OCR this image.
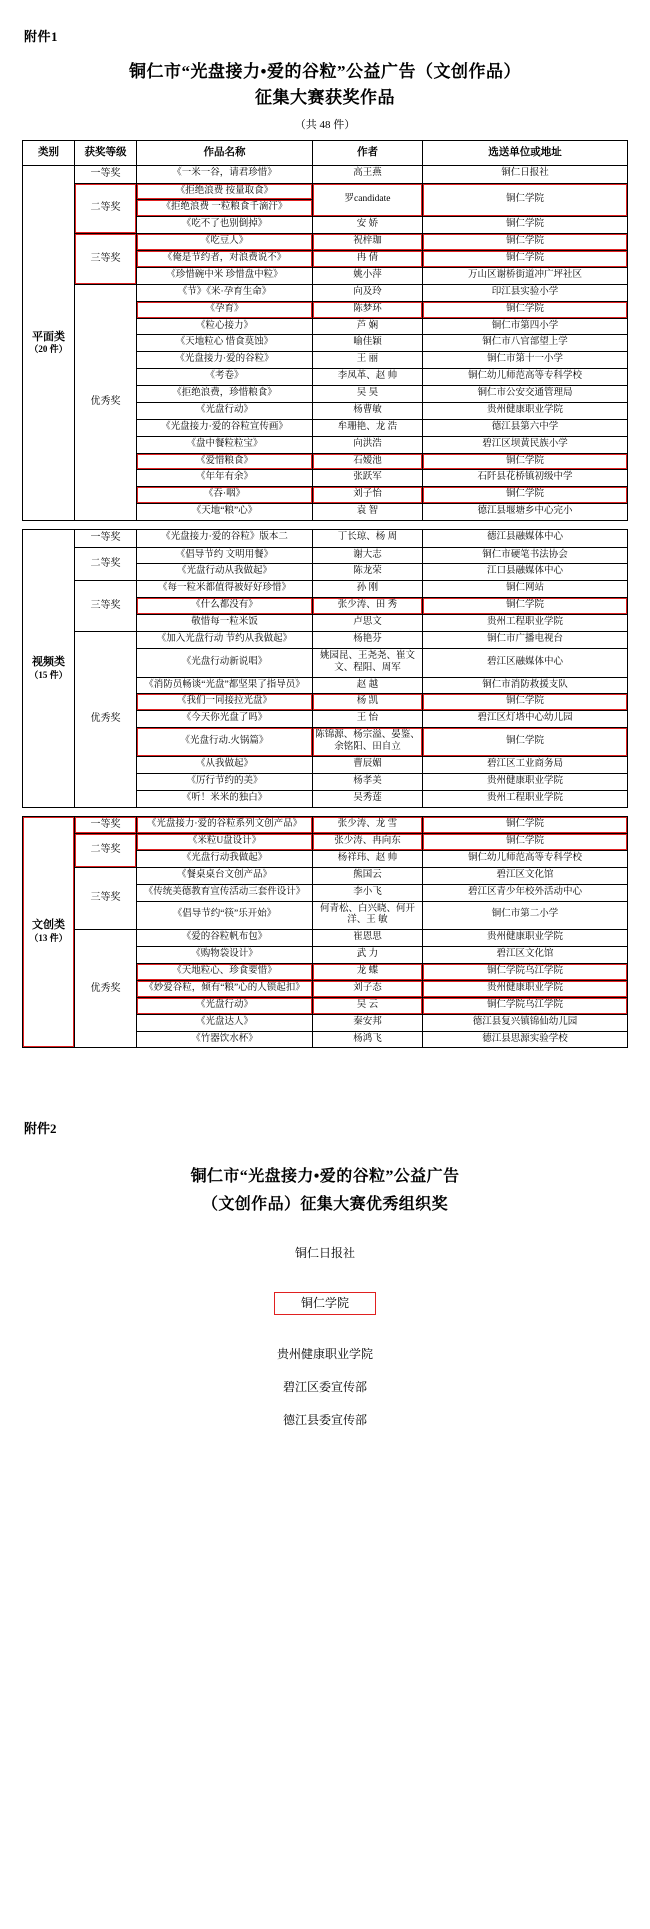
附件1
铜仁市“光盘接力•爱的谷粒”公益广告（文创作品）
征集大赛获奖作品
（共 48 件）
类别	获奖等级	作品名称	作者	选送单位或地址

平面类
（20 件）	一等奖	《一米一谷，请君珍惜》	高王燕	铜仁日报社
	二等奖	《拒绝浪费 按量取食》	罗candidate	铜仁学院
		《拒绝浪费 一粒粮食千滴汗》		
		《吃不了也别倒掉》	安 娇	铜仁学院
	三等奖	《吃豆人》	祝梓珈	铜仁学院
		《俺是节约者，对浪费说不》	冉 倩	铜仁学院
		《珍惜碗中米 珍惜盘中粒》	姚小萍	万山区谢桥街道冲广坪社区
	优秀奖	《节》《米·孕育生命》	向及玲	印江县实验小学
		《孕育》	陈梦环	铜仁学院
		《粒心接力》	芦 娴	铜仁市第四小学
		《天地粒心 惜食莫蚀》	喻佳颖	铜仁市八官部望上学
		《光盘接力·爱的谷粒》	王 丽	铜仁市第十一小学
		《考卷》	李凤革、赵 帅	铜仁幼儿师范高等专科学校
		《拒绝浪费，珍惜粮食》	吴 昊	铜仁市公安交通管理局
		《光盘行动》	杨曹敏	贵州健康职业学院
		《光盘接力·爱的谷粒宣传画》	牟珊艳、龙 浩	德江县第六中学
		《盘中餐粒粒宝》	向洪浩	碧江区坝黄民族小学
		《爱惜粮食》	石嫒池	铜仁学院
		《年年有余》	张跃军	石阡县花桥镇初级中学
		《吞·咽》	刘子怡	铜仁学院
		《天地“粮”心》	袁 智	德江县堰塘乡中心完小
视频类
（15 件）	一等奖	《光盘接力·爱的谷粒》版本二	丁长琼、杨 周	德江县融媒体中心
	二等奖	《倡导节约 文明用餐》	谢大志	铜仁市硬笔书法协会
		《光盘行动从我做起》	陈龙荣	江口县融媒体中心
	三等奖	《每一粒米都值得被好好珍惜》	孙 刚	铜仁网站
		《什么都没有》	张少涛、田 秀	铜仁学院
		敬惜每一粒米饭	卢思文	贵州工程职业学院
	优秀奖	《加入光盘行动 节约从我做起》	杨艳芬	铜仁市广播电视台
		《光盘行动新说唱》	姚园昆、王尧尧、崔文文、程阳、周军	碧江区融媒体中心
		《消防员畅谈“光盘”都坚果了指导员》	赵 越	铜仁市消防救援支队
		《我们一同接拉光盘》	杨 凯	铜仁学院
		《今天你光盘了吗》	王 怡	碧江区灯塔中心幼儿园
		《光盘行动.火锅篇》	陈锦源、杨宗溢、晏鉴、余铭阳、田自立	铜仁学院
		《从我做起》	曹辰媚	碧江区工业商务局
		《厉行节约的美》	杨孝美	贵州健康职业学院
		《听！米米的独白》	吴秀莲	贵州工程职业学院
文创类
（13 件）	一等奖	《光盘接力·爱的谷粒系列文创产品》	张少涛、龙 雪	铜仁学院
	二等奖	《米粒U盘设计》	张少涛、冉向东	铜仁学院
		《光盘行动我做起》	杨祥玮、赵 帅	铜仁幼儿师范高等专科学校
	三等奖	《餐桌桌台文创产品》	熊国云	碧江区文化馆
		《传统美德教育宣传活动三套件设计》	李小飞	碧江区青少年校外活动中心
		《倡导节约“筷”乐开始》	何青松、白兴晓、何开洋、王 敏	铜仁市第二小学
	优秀奖	《爱的谷粒帆布包》	崔恩思	贵州健康职业学院
		《购物袋设计》	武 力	碧江区文化馆
		《天地粒心、珍食要惜》	龙 蝶	铜仁学院乌江学院
		《妙爱谷粒，倾有“粮”心的人锁起扣》	刘子态	贵州健康职业学院
		《光盘行动》	吴 云	铜仁学院乌江学院
		《光盘达人》	秦安邦	德江县复兴镇锦仙幼儿园
		《竹器饮水杯》	杨鸿飞	德江县思源实验学校
附件2
铜仁市“光盘接力•爱的谷粒”公益广告
（文创作品）征集大赛优秀组织奖
铜仁日报社
铜仁学院
贵州健康职业学院
碧江区委宣传部
德江县委宣传部
